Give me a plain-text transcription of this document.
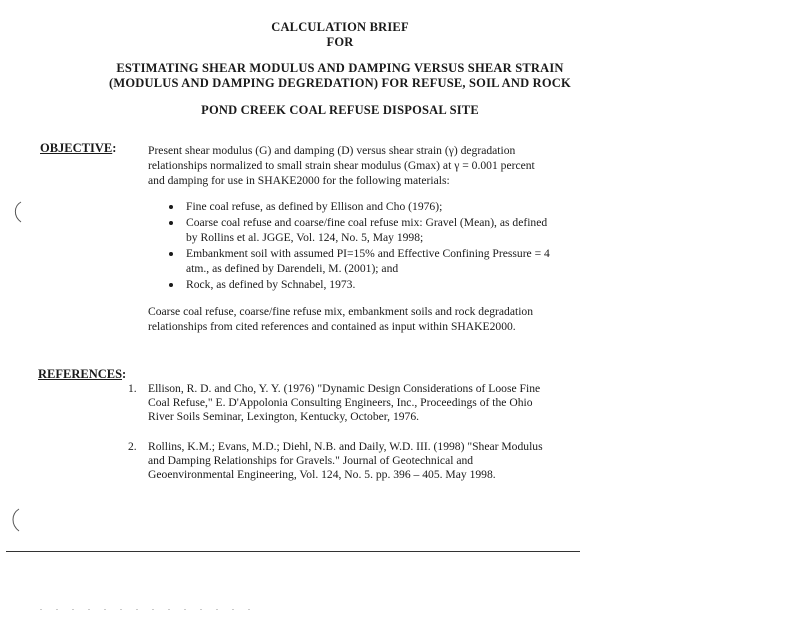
CALCULATION BRIEF
FOR
ESTIMATING SHEAR MODULUS AND DAMPING VERSUS SHEAR STRAIN
(MODULUS AND DAMPING DEGREDATION) FOR REFUSE, SOIL AND ROCK
POND CREEK COAL REFUSE DISPOSAL SITE
OBJECTIVE:	Present shear modulus (G) and damping (D) versus shear strain (γ) degradation relationships normalized to small strain shear modulus (Gmax) at γ = 0.001 percent and damping for use in SHAKE2000 for the following materials:
Fine coal refuse, as defined by Ellison and Cho (1976);
Coarse coal refuse and coarse/fine coal refuse mix: Gravel (Mean), as defined by Rollins et al. JGGE, Vol. 124, No. 5, May 1998;
Embankment soil with assumed PI=15% and Effective Confining Pressure = 4 atm., as defined by Darendeli, M. (2001); and
Rock, as defined by Schnabel, 1973.
Coarse coal refuse, coarse/fine refuse mix, embankment soils and rock degradation relationships from cited references and contained as input within SHAKE2000.
REFERENCES:
1. Ellison, R. D. and Cho, Y. Y. (1976) "Dynamic Design Considerations of Loose Fine Coal Refuse," E. D'Appolonia Consulting Engineers, Inc., Proceedings of the Ohio River Soils Seminar, Lexington, Kentucky, October, 1976.
2. Rollins, K.M.; Evans, M.D.; Diehl, N.B. and Daily, W.D. III. (1998) "Shear Modulus and Damping Relationships for Gravels." Journal of Geotechnical and Geoenvironmental Engineering, Vol. 124, No. 5. pp. 396 – 405. May 1998.
. . . . . . . . . . . . . .
